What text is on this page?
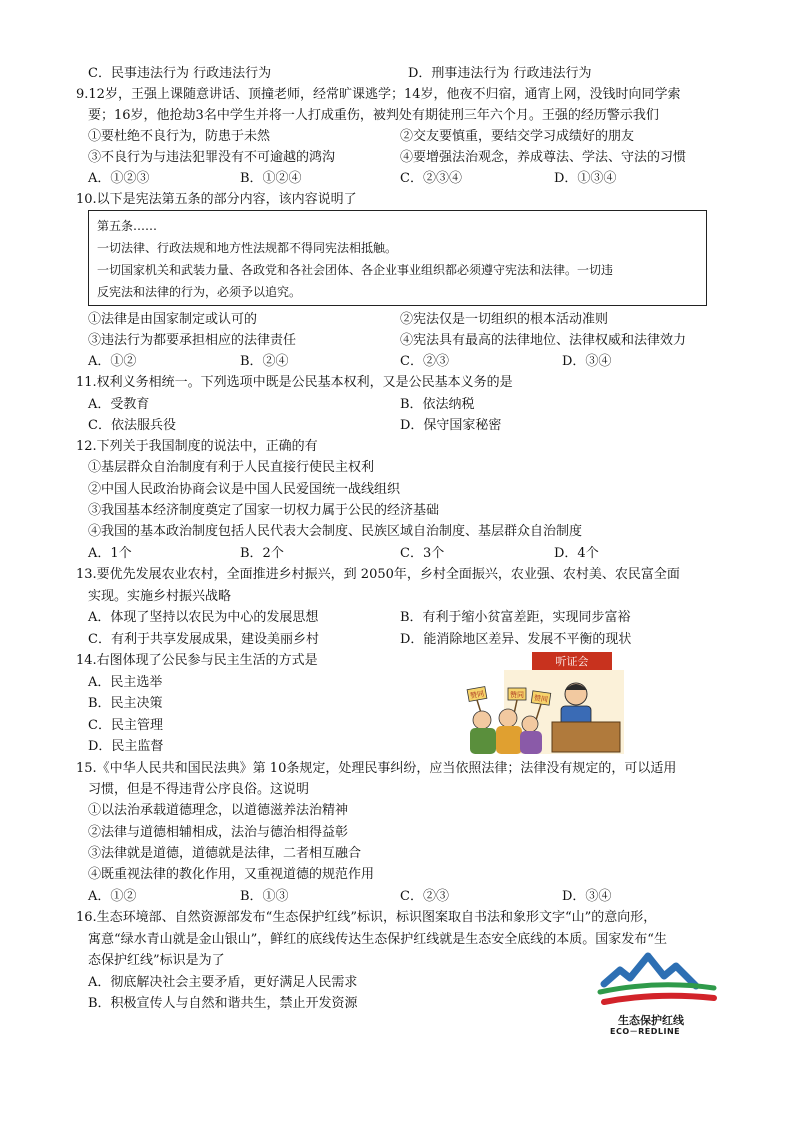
C．民事违法行为 行政违法行为	D．刑事违法行为 行政违法行为
9.12岁，王强上课随意讲话、顶撞老师，经常旷课逃学；14岁，他夜不归宿，通宵上网，没钱时向同学索
要；16岁，他抢劫3名中学生并将一人打成重伤，被判处有期徒刑三年六个月。王强的经历警示我们
①要杜绝不良行为，防患于未然	②交友要慎重，要结交学习成绩好的朋友
③不良行为与违法犯罪没有不可逾越的鸿沟	④要增强法治观念，养成尊法、学法、守法的习惯
A．①②③	B．①②④	C．②③④	D．①③④
10.以下是宪法第五条的部分内容，该内容说明了
第五条……
一切法律、行政法规和地方性法规都不得同宪法相抵触。
一切国家机关和武装力量、各政党和各社会团体、各企业事业组织都必须遵守宪法和法律。一切违
反宪法和法律的行为，必须予以追究。
①法律是由国家制定或认可的	②宪法仅是一切组织的根本活动准则
③违法行为都要承担相应的法律责任	④宪法具有最高的法律地位、法律权威和法律效力
A．①②	B．②④	C．②③	D．③④
11.权利义务相统一。下列选项中既是公民基本权利，又是公民基本义务的是
A．受教育	B．依法纳税
C．依法服兵役	D．保守国家秘密
12.下列关于我国制度的说法中，正确的有
①基层群众自治制度有利于人民直接行使民主权利
②中国人民政治协商会议是中国人民爱国统一战线组织
③我国基本经济制度奠定了国家一切权力属于公民的经济基础
④我国的基本政治制度包括人民代表大会制度、民族区域自治制度、基层群众自治制度
A．1个	B．2个	C．3个	D．4个
13.要优先发展农业农村，全面推进乡村振兴，到 2050年，乡村全面振兴，农业强、农村美、农民富全面
实现。实施乡村振兴战略
A．体现了坚持以农民为中心的发展思想	B．有利于缩小贫富差距，实现同步富裕
C．有利于共享发展成果，建设美丽乡村	D．能消除地区差异、发展不平衡的现状
14.右图体现了公民参与民主生活的方式是
A．民主选举
B．民主决策
C．民主管理
D．民主监督
听证会
赞同	赞同 赞同
15.《中华人民共和国民法典》第 10条规定，处理民事纠纷，应当依照法律；法律没有规定的，可以适用
习惯，但是不得违背公序良俗。这说明
①以法治承载道德理念，以道德滋养法治精神
②法律与道德相辅相成，法治与德治相得益彰
③法律就是道德，道德就是法律，二者相互融合
④既重视法律的教化作用，又重视道德的规范作用
A．①②	B．①③	C．②③	D．③④
16.生态环境部、自然资源部发布“生态保护红线”标识，标识图案取自书法和象形文字“山”的意向形，
寓意“绿水青山就是金山银山”，鲜红的底线传达生态保护红线就是生态安全底线的本质。国家发布“生
态保护红线”标识是为了
A．彻底解决社会主要矛盾，更好满足人民需求
B．积极宣传人与自然和谐共生，禁止开发资源
生态保护红线
ECO－REDLINE
